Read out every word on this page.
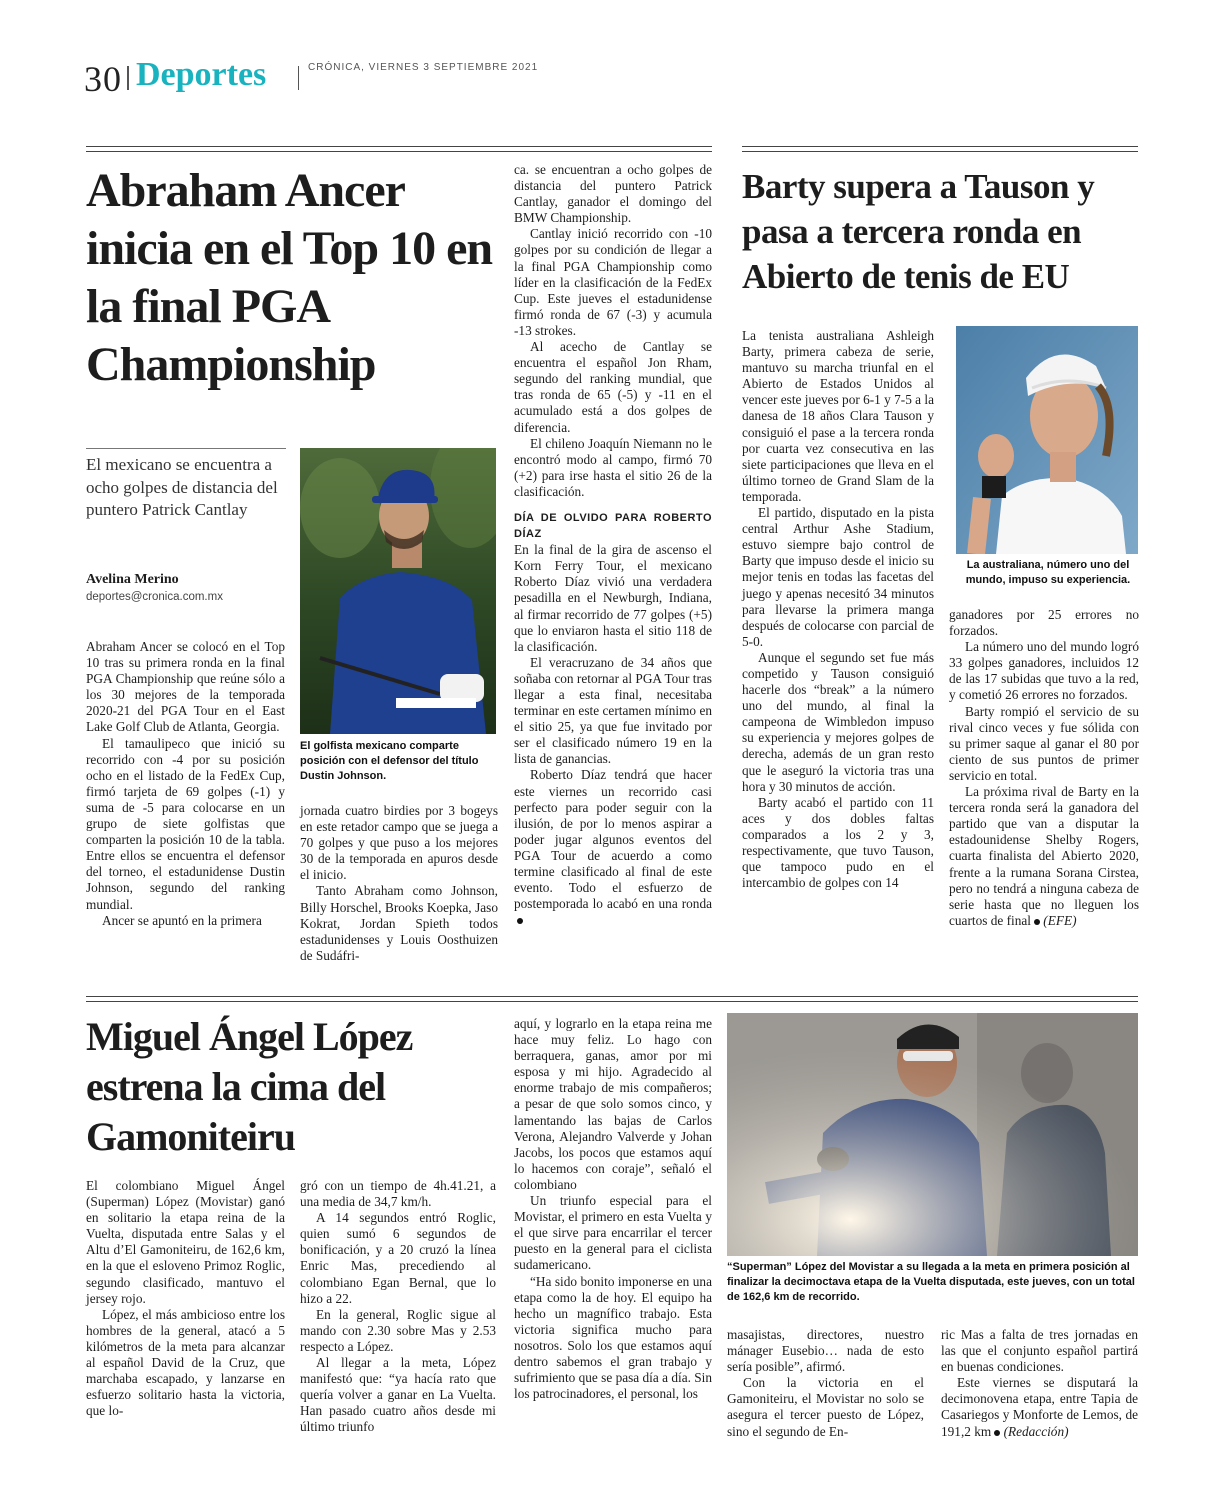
30 Deportes	CRÓNICA, VIERNES 3 SEPTIEMBRE 2021
Abraham Ancer inicia en el Top 10 en la final PGA Championship
El mexicano se encuentra a ocho golpes de distancia del puntero Patrick Cantlay
Avelina Merino
deportes@cronica.com.mx
El golfista mexicano comparte posición con el defensor del título Dustin Johnson.

Abraham Ancer se colocó en el Top 10 tras su primera ronda en la final PGA Championship que reúne sólo a los 30 mejores de la temporada 2020-21 del PGA Tour en el East Lake Golf Club de Atlanta, Georgia.

El tamaulipeco que inició su recorrido con -4 por su posición ocho en el listado de la FedEx Cup, firmó tarjeta de 69 golpes (-1) y suma de -5 para colocarse en un grupo de siete golfistas que comparten la posición 10 de la tabla. Entre ellos se encuentra el defensor del torneo, el estadunidense Dustin Johnson, segundo del ranking mundial.

Ancer se apuntó en la primera

jornada cuatro birdies por 3 bogeys en este retador campo que se juega a 70 golpes y que puso a los mejores 30 de la temporada en apuros desde el inicio.

Tanto Abraham como Johnson, Billy Horschel, Brooks Koepka, Jaso Kokrat, Jordan Spieth todos estadunidenses y Louis Oosthuizen de Sudáfri-

ca. se encuentran a ocho golpes de distancia del puntero Patrick Cantlay, ganador el domingo del BMW Championship.

Cantlay inició recorrido con -10 golpes por su condición de llegar a la final PGA Championship como líder en la clasificación de la FedEx Cup. Este jueves el estadunidense firmó ronda de 67 (-3) y acumula -13 strokes.

Al acecho de Cantlay se encuentra el español Jon Rham, segundo del ranking mundial, que tras ronda de 65 (-5) y -11 en el acumulado está a dos golpes de diferencia.

El chileno Joaquín Niemann no le encontró modo al campo, firmó 70 (+2) para irse hasta el sitio 26 de la clasificación.

DÍA DE OLVIDO PARA ROBERTO DÍAZ

En la final de la gira de ascenso el Korn Ferry Tour, el mexicano Roberto Díaz vivió una verdadera pesadilla en el Newburgh, Indiana, al firmar recorrido de 77 golpes (+5) que lo enviaron hasta el sitio 118 de la clasificación.

El veracruzano de 34 años que soñaba con retornar al PGA Tour tras llegar a esta final, necesitaba terminar en este certamen mínimo en el sitio 25, ya que fue invitado por ser el clasificado número 19 en la lista de ganancias.

Roberto Díaz tendrá que hacer este viernes un recorrido casi perfecto para poder seguir con la ilusión, de por lo menos aspirar a poder jugar algunos eventos del PGA Tour de acuerdo a como termine clasificado al final de este evento. Todo el esfuerzo de postemporada lo acabó en una ronda

Barty supera a Tauson y pasa a tercera ronda en Abierto de tenis de EU
La australiana, número uno del mundo, impuso su experiencia.

La tenista australiana Ashleigh Barty, primera cabeza de serie, mantuvo su marcha triunfal en el Abierto de Estados Unidos al vencer este jueves por 6-1 y 7-5 a la danesa de 18 años Clara Tauson y consiguió el pase a la tercera ronda por cuarta vez consecutiva en las siete participaciones que lleva en el último torneo de Grand Slam de la temporada.

El partido, disputado en la pista central Arthur Ashe Stadium, estuvo siempre bajo control de Barty que impuso desde el inicio su mejor tenis en todas las facetas del juego y apenas necesitó 34 minutos para llevarse la primera manga después de colocarse con parcial de 5-0.

Aunque el segundo set fue más competido y Tauson consiguió hacerle dos “break” a la número uno del mundo, al final la campeona de Wimbledon impuso su experiencia y mejores golpes de derecha, además de un gran resto que le aseguró la victoria tras una hora y 30 minutos de acción.

Barty acabó el partido con 11 aces y dos dobles faltas comparados a los 2 y 3, respectivamente, que tuvo Tauson, que tampoco pudo en el intercambio de golpes con 14

ganadores por 25 errores no forzados.

La número uno del mundo logró 33 golpes ganadores, incluidos 12 de las 17 subidas que tuvo a la red, y cometió 26 errores no forzados.

Barty rompió el servicio de su rival cinco veces y fue sólida con su primer saque al ganar el 80 por ciento de sus puntos de primer servicio en total.

La próxima rival de Barty en la tercera ronda será la ganadora del partido que van a disputar la estadounidense Shelby Rogers, cuarta finalista del Abierto 2020, frente a la rumana Sorana Cirstea, pero no tendrá a ninguna cabeza de serie hasta que no lleguen los cuartos de final (EFE)

Miguel Ángel López estrena la cima del Gamoniteiru
“Superman” López del Movistar a su llegada a la meta en primera posición al finalizar la decimoctava etapa de la Vuelta disputada, este jueves, con un total de 162,6 km de recorrido.

El colombiano Miguel Ángel (Superman) López (Movistar) ganó en solitario la etapa reina de la Vuelta, disputada entre Salas y el Altu d’El Gamoniteiru, de 162,6 km, en la que el esloveno Primoz Roglic, segundo clasificado, mantuvo el jersey rojo.

López, el más ambicioso entre los hombres de la general, atacó a 5 kilómetros de la meta para alcanzar al español David de la Cruz, que marchaba escapado, y lanzarse en esfuerzo solitario hasta la victoria, que lo-

gró con un tiempo de 4h.41.21, a una media de 34,7 km/h.

A 14 segundos entró Roglic, quien sumó 6 segundos de bonificación, y a 20 cruzó la línea Enric Mas, precediendo al colombiano Egan Bernal, que lo hizo a 22.

En la general, Roglic sigue al mando con 2.30 sobre Mas y 2.53 respecto a López.

Al llegar a la meta, López manifestó que: “ya hacía rato que quería volver a ganar en La Vuelta. Han pasado cuatro años desde mi último triunfo

aquí, y lograrlo en la etapa reina me hace muy feliz. Lo hago con berraquera, ganas, amor por mi esposa y mi hijo. Agradecido al enorme trabajo de mis compañeros; a pesar de que solo somos cinco, y lamentando las bajas de Carlos Verona, Alejandro Valverde y Johan Jacobs, los pocos que estamos aquí lo hacemos con coraje”, señaló el colombiano

Un triunfo especial para el Movistar, el primero en esta Vuelta y el que sirve para encarrilar el tercer puesto en la general para el ciclista sudamericano.

“Ha sido bonito imponerse en una etapa como la de hoy. El equipo ha hecho un magnífico trabajo. Esta victoria significa mucho para nosotros. Solo los que estamos aquí dentro sabemos el gran trabajo y sufrimiento que se pasa día a día. Sin los patrocinadores, el personal, los

masajistas, directores, nuestro mánager Eusebio… nada de esto sería posible”, afirmó.

Con la victoria en el Gamoniteiru, el Movistar no solo se asegura el tercer puesto de López, sino el segundo de En-

ric Mas a falta de tres jornadas en las que el conjunto español partirá en buenas condiciones.

Este viernes se disputará la decimonovena etapa, entre Tapia de Casariegos y Monforte de Lemos, de 191,2 km (Redacción)
